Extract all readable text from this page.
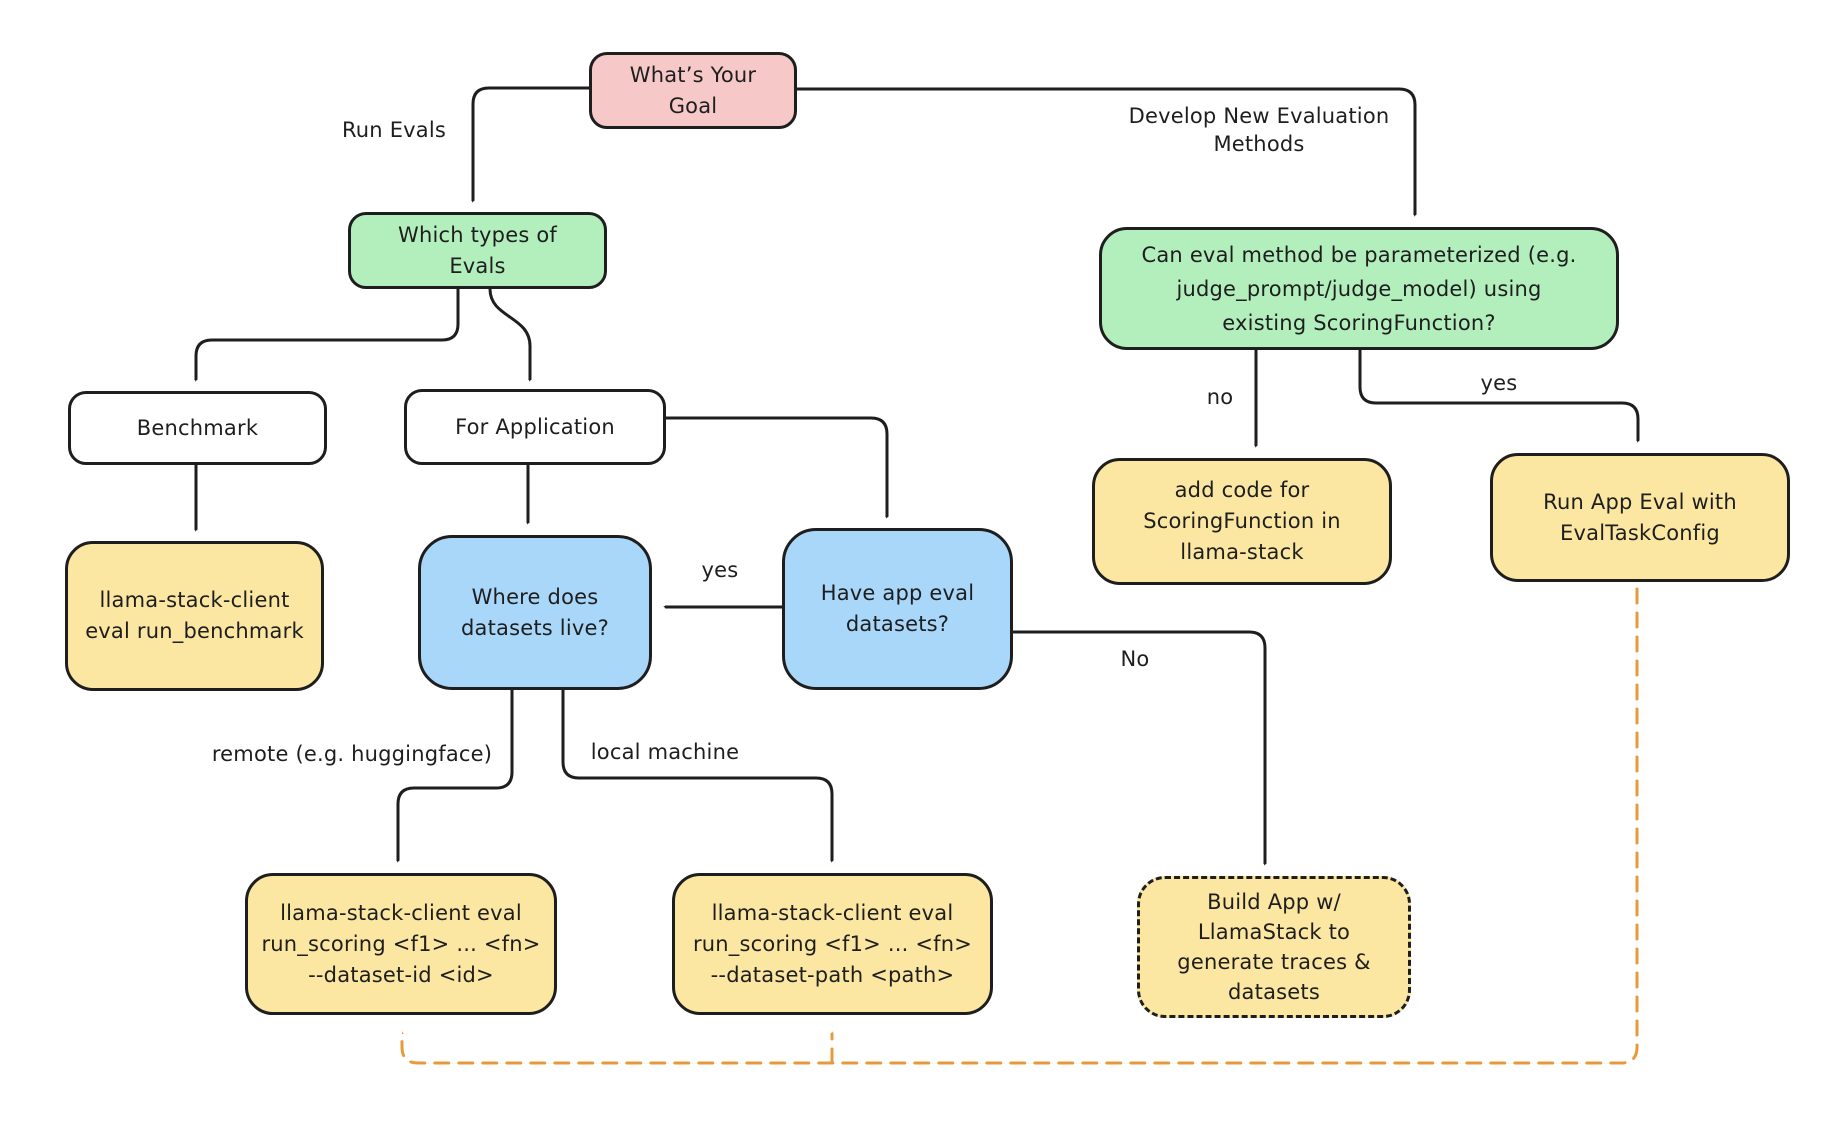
What’s Your
Goal
Which types of
Evals
Benchmark	For Application
llama-stack-client
eval run_benchmark
Where does
datasets live?
Have app eval
datasets?
Can eval method be parameterized (e.g.
judge_prompt/judge_model) using
existing ScoringFunction?
add code for
ScoringFunction in
llama-stack
Run App Eval with
EvalTaskConfig
llama-stack-client eval
run_scoring <f1> ... <fn>
--dataset-id <id>
llama-stack-client eval
run_scoring <f1> ... <fn>
--dataset-path <path>
Build App w/
LlamaStack to
generate traces &
datasets
Run Evals
Develop New Evaluation
Methods
no
yes
yes
No
remote (e.g. huggingface)	local machine
